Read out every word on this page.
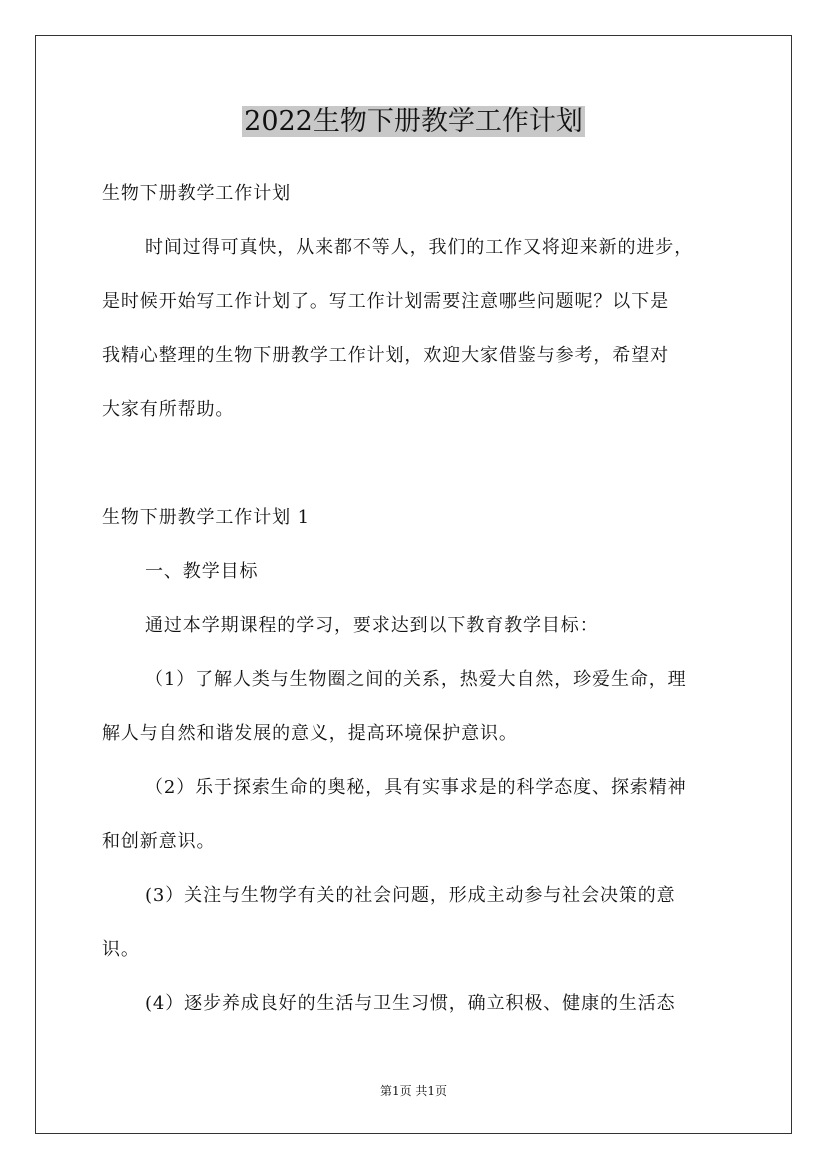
2022生物下册教学工作计划

生物下册教学工作计划

时间过得可真快，从来都不等人，我们的工作又将迎来新的进步，

是时候开始写工作计划了。写工作计划需要注意哪些问题呢？以下是

我精心整理的生物下册教学工作计划，欢迎大家借鉴与参考，希望对

大家有所帮助。

生物下册教学工作计划 1

一、教学目标

通过本学期课程的学习，要求达到以下教育教学目标：

（1）了解人类与生物圈之间的关系，热爱大自然，珍爱生命，理

解人与自然和谐发展的意义，提高环境保护意识。

（2）乐于探索生命的奥秘，具有实事求是的科学态度、探索精神

和创新意识。

(3）关注与生物学有关的社会问题，形成主动参与社会决策的意

识。

(4）逐步养成良好的生活与卫生习惯，确立积极、健康的生活态

第1页 共1页
